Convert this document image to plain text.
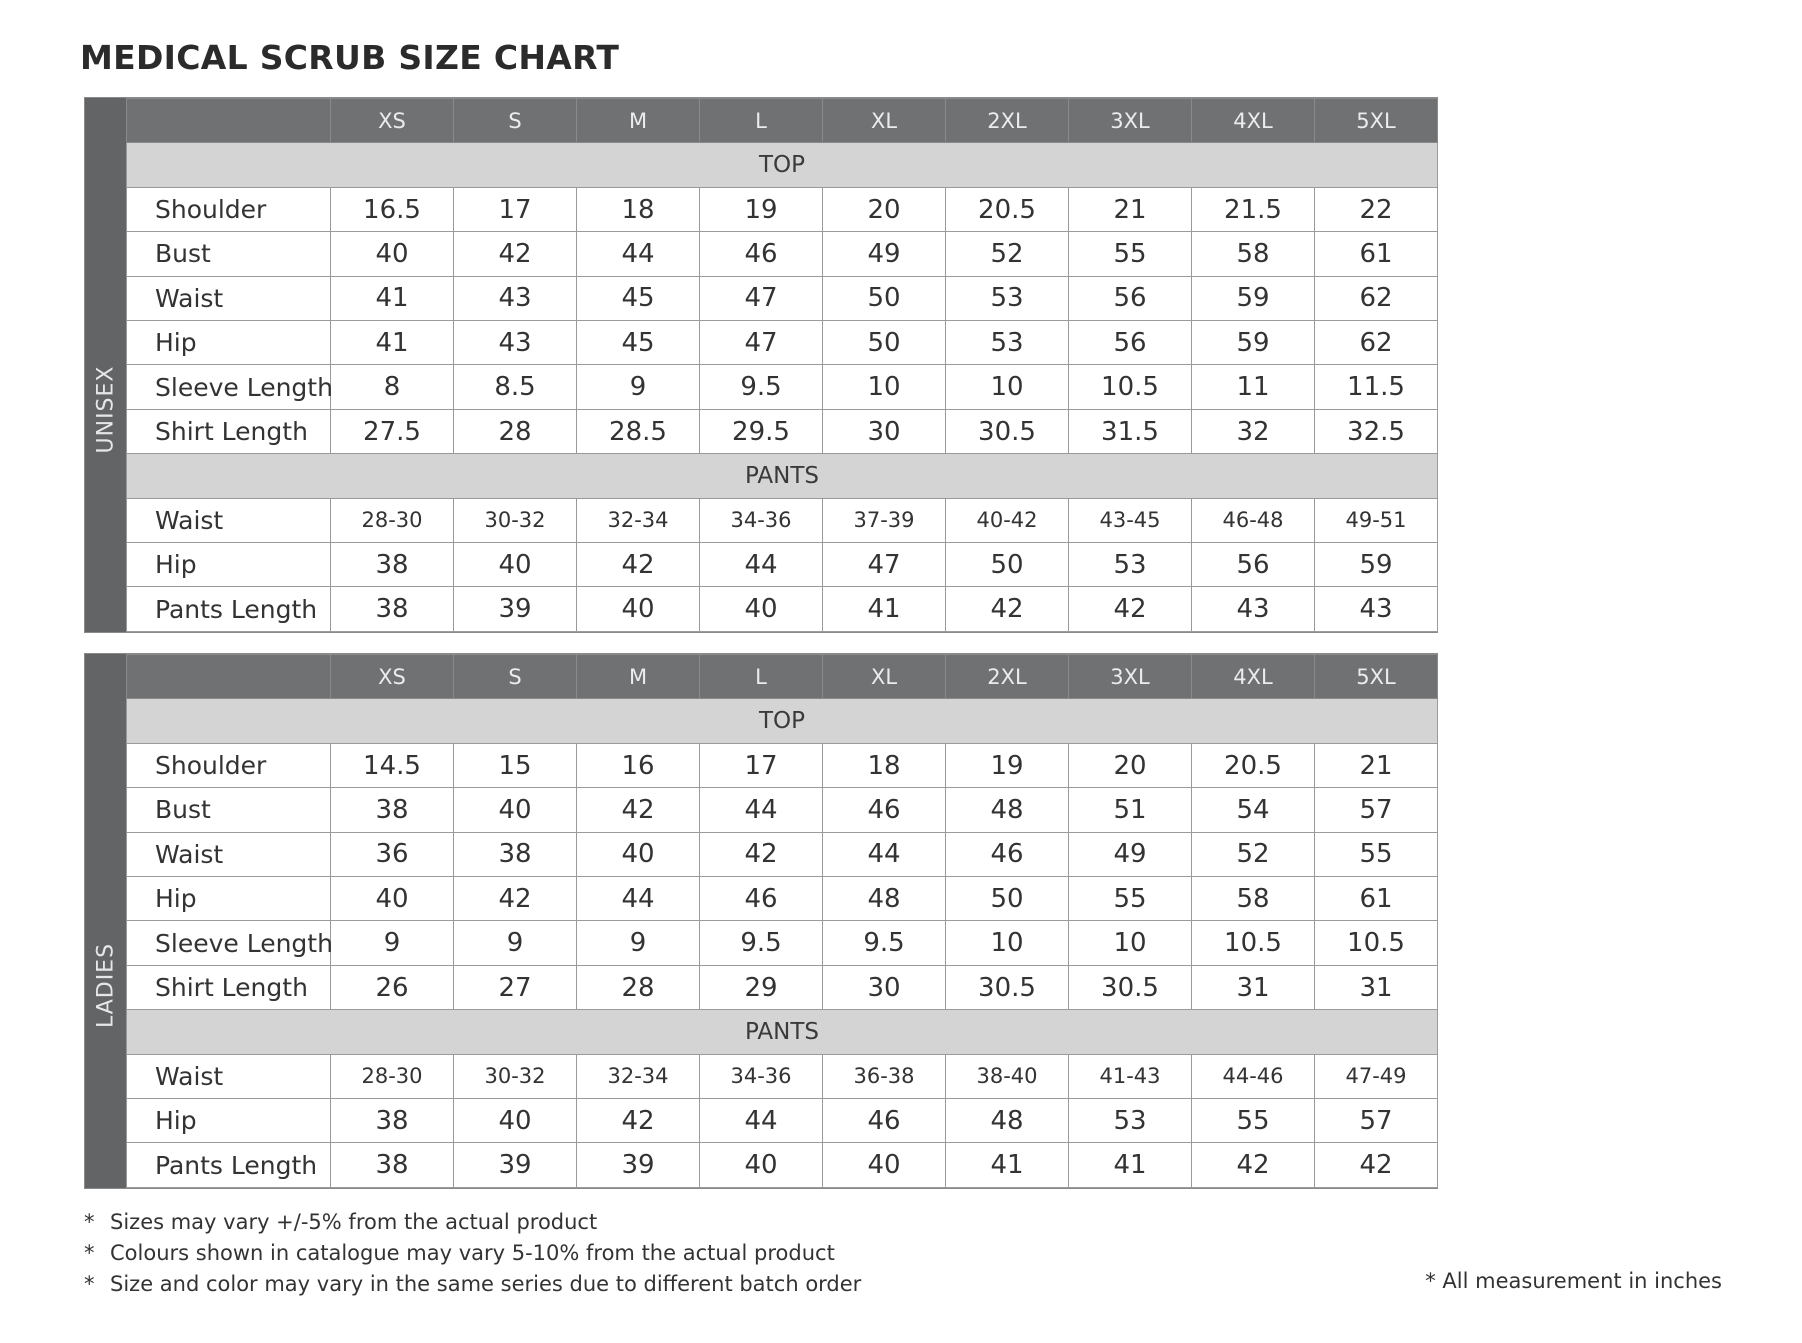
MEDICAL SCRUB SIZE CHART
UNISEX
	XS	S	M	L	XL	2XL	3XL	4XL	5XL
TOP									
Shoulder	16.5	17	18	19	20	20.5	21	21.5	22
Bust	40	42	44	46	49	52	55	58	61
Waist	41	43	45	47	50	53	56	59	62
Hip	41	43	45	47	50	53	56	59	62
Sleeve Length	8	8.5	9	9.5	10	10	10.5	11	11.5
Shirt Length	27.5	28	28.5	29.5	30	30.5	31.5	32	32.5
PANTS									
Waist	28-30	30-32	32-34	34-36	37-39	40-42	43-45	46-48	49-51
Hip	38	40	42	44	47	50	53	56	59
Pants Length	38	39	40	40	41	42	42	43	43
LADIES
	XS	S	M	L	XL	2XL	3XL	4XL	5XL
TOP									
Shoulder	14.5	15	16	17	18	19	20	20.5	21
Bust	38	40	42	44	46	48	51	54	57
Waist	36	38	40	42	44	46	49	52	55
Hip	40	42	44	46	48	50	55	58	61
Sleeve Length	9	9	9	9.5	9.5	10	10	10.5	10.5
Shirt Length	26	27	28	29	30	30.5	30.5	31	31
PANTS									
Waist	28-30	30-32	32-34	34-36	36-38	38-40	41-43	44-46	47-49
Hip	38	40	42	44	46	48	53	55	57
Pants Length	38	39	39	40	40	41	41	42	42
* Sizes may vary +/-5% from the actual product
* Colours shown in catalogue may vary 5-10% from the actual product
* Size and color may vary in the same series due to different batch order	* All measurement in inches
